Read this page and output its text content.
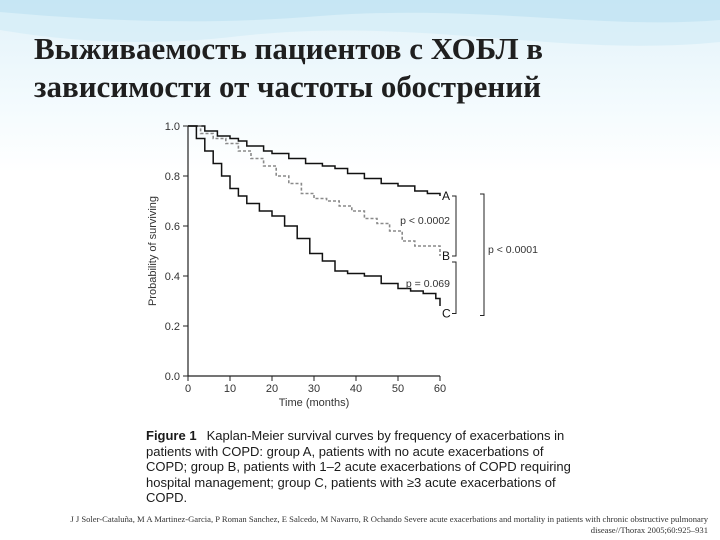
Выживаемость пациентов с ХОБЛ в зависимости от частоты обострений
0.0
0.2
0.4
0.6
0.8
1.0
0	10	20	30	40	50	60
Time (months)
Probability of surviving	A
B
C
p < 0.0002
p = 0.069
p < 0.0001
Figure 1 Kaplan-Meier survival curves by frequency of exacerbations in patients with COPD: group A, patients with no acute exacerbations of COPD; group B, patients with 1–2 acute exacerbations of COPD requiring hospital management; group C, patients with ≥3 acute exacerbations of COPD.
J J Soler-Cataluña, M A Martinez-Garcia, P Roman Sanchez, E Salcedo, M Navarro, R Ochando Severe acute exacerbations and mortality in patients with chronic obstructive pulmonary disease//Thorax 2005;60:925–931
